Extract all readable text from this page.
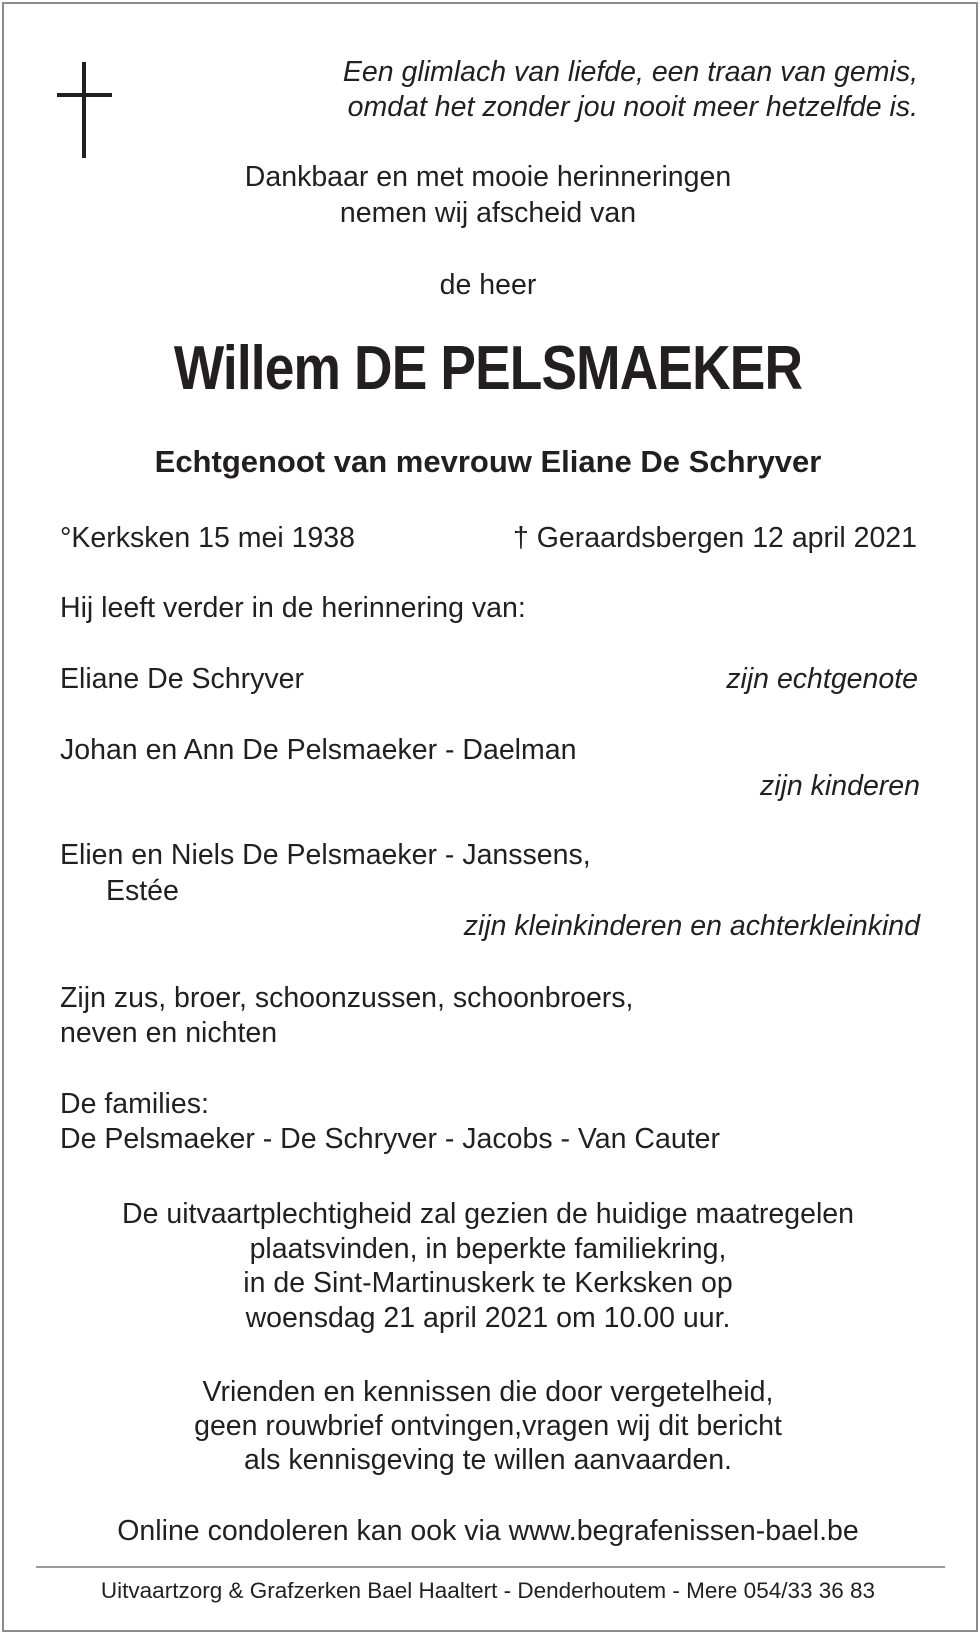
Een glimlach van liefde, een traan van gemis,
omdat het zonder jou nooit meer hetzelfde is.
Dankbaar en met mooie herinneringen
nemen wij afscheid van
de heer
Willem DE PELSMAEKER
Echtgenoot van mevrouw Eliane De Schryver
°Kerksken 15 mei 1938	† Geraardsbergen 12 april 2021
Hij leeft verder in de herinnering van:
Eliane De Schryver	zijn echtgenote
Johan en Ann De Pelsmaeker - Daelman
zijn kinderen
Elien en Niels De Pelsmaeker - Janssens,
Estée
zijn kleinkinderen en achterkleinkind
Zijn zus, broer, schoonzussen, schoonbroers,
neven en nichten
De families:
De Pelsmaeker - De Schryver - Jacobs - Van Cauter
De uitvaartplechtigheid zal gezien de huidige maatregelen
plaatsvinden, in beperkte familiekring,
in de Sint-Martinuskerk te Kerksken op
woensdag 21 april 2021 om 10.00 uur.
Vrienden en kennissen die door vergetelheid,
geen rouwbrief ontvingen,vragen wij dit bericht
als kennisgeving te willen aanvaarden.
Online condoleren kan ook via www.begrafenissen-bael.be
Uitvaartzorg & Grafzerken Bael Haaltert - Denderhoutem - Mere 054/33 36 83
